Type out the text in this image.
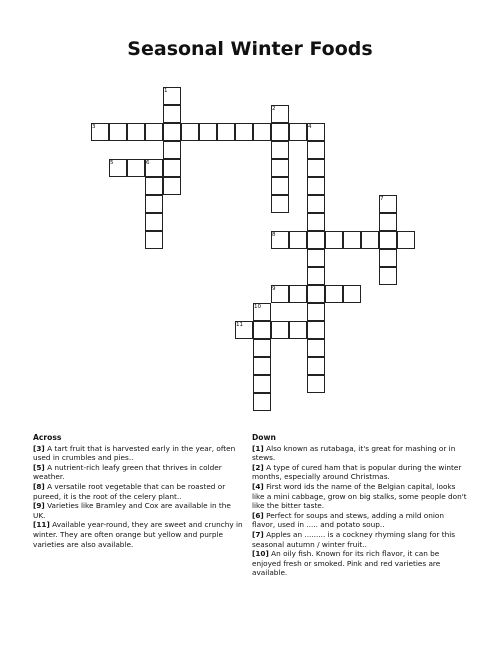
Seasonal Winter Foods
1
2
3	4
5	6
7
8
9
10
11
Across

[3] A tart fruit that is harvested early in the year, often used in crumbles and pies..

[5] A nutrient-rich leafy green that thrives in colder weather.

[8] A versatile root vegetable that can be roasted or pureed, it is the root of the celery plant..

[9] Varieties like Bramley and Cox are available in the UK.

[11] Available year-round, they are sweet and crunchy in winter. They are often orange but yellow and purple varieties are also available.

Down

[1] Also known as rutabaga, it's great for mashing or in stews.

[2] A type of cured ham that is popular during the winter months, especially around Christmas.

[4] First word ids the name of the Belgian capital, looks like a mini cabbage, grow on big stalks, some people don't like the bitter taste.

[6] Perfect for soups and stews, adding a mild onion flavor, used in ..... and potato soup..

[7] Apples an ......... is a cockney rhyming slang for this seasonal autumn / winter fruit..

[10] An oily fish. Known for its rich flavor, it can be enjoyed fresh or smoked. Pink and red varieties are available.
